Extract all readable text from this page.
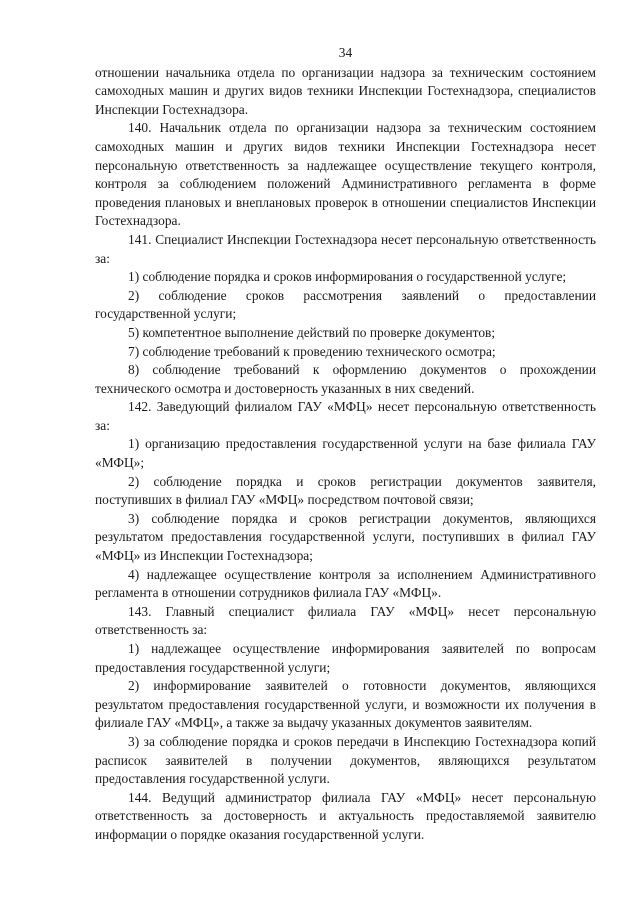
34

отношении начальника отдела по организации надзора за техническим состоянием самоходных машин и других видов техники Инспекции Гостехнадзора, специалистов Инспекции Гостехнадзора.

140. Начальник отдела по организации надзора за техническим состоянием самоходных машин и других видов техники Инспекции Гостехнадзора несет персональную ответственность за надлежащее осуществление текущего контроля, контроля за соблюдением положений Административного регламента в форме проведения плановых и внеплановых проверок в отношении специалистов Инспекции Гостехнадзора.

141. Специалист Инспекции Гостехнадзора несет персональную ответственность за:

1) соблюдение порядка и сроков информирования о государственной услуге;

2) соблюдение сроков рассмотрения заявлений о предоставлении государственной услуги;

5) компетентное выполнение действий по проверке документов;

7) соблюдение требований к проведению технического осмотра;

8) соблюдение требований к оформлению документов о прохождении технического осмотра и достоверность указанных в них сведений.

142. Заведующий филиалом ГАУ «МФЦ» несет персональную ответственность за:

1) организацию предоставления государственной услуги на базе филиала ГАУ «МФЦ»;

2) соблюдение порядка и сроков регистрации документов заявителя, поступивших в филиал ГАУ «МФЦ» посредством почтовой связи;

3) соблюдение порядка и сроков регистрации документов, являющихся результатом предоставления государственной услуги, поступивших в филиал ГАУ «МФЦ» из Инспекции Гостехнадзора;

4) надлежащее осуществление контроля за исполнением Административного регламента в отношении сотрудников филиала ГАУ «МФЦ».

143. Главный специалист филиала ГАУ «МФЦ» несет персональную ответственность за:

1) надлежащее осуществление информирования заявителей по вопросам предоставления государственной услуги;

2) информирование заявителей о готовности документов, являющихся результатом предоставления государственной услуги, и возможности их получения в филиале ГАУ «МФЦ», а также за выдачу указанных документов заявителям.

3) за соблюдение порядка и сроков передачи в Инспекцию Гостехнадзора копий расписок заявителей в получении документов, являющихся результатом предоставления государственной услуги.

144. Ведущий администратор филиала ГАУ «МФЦ» несет персональную ответственность за достоверность и актуальность предоставляемой заявителю информации о порядке оказания государственной услуги.
